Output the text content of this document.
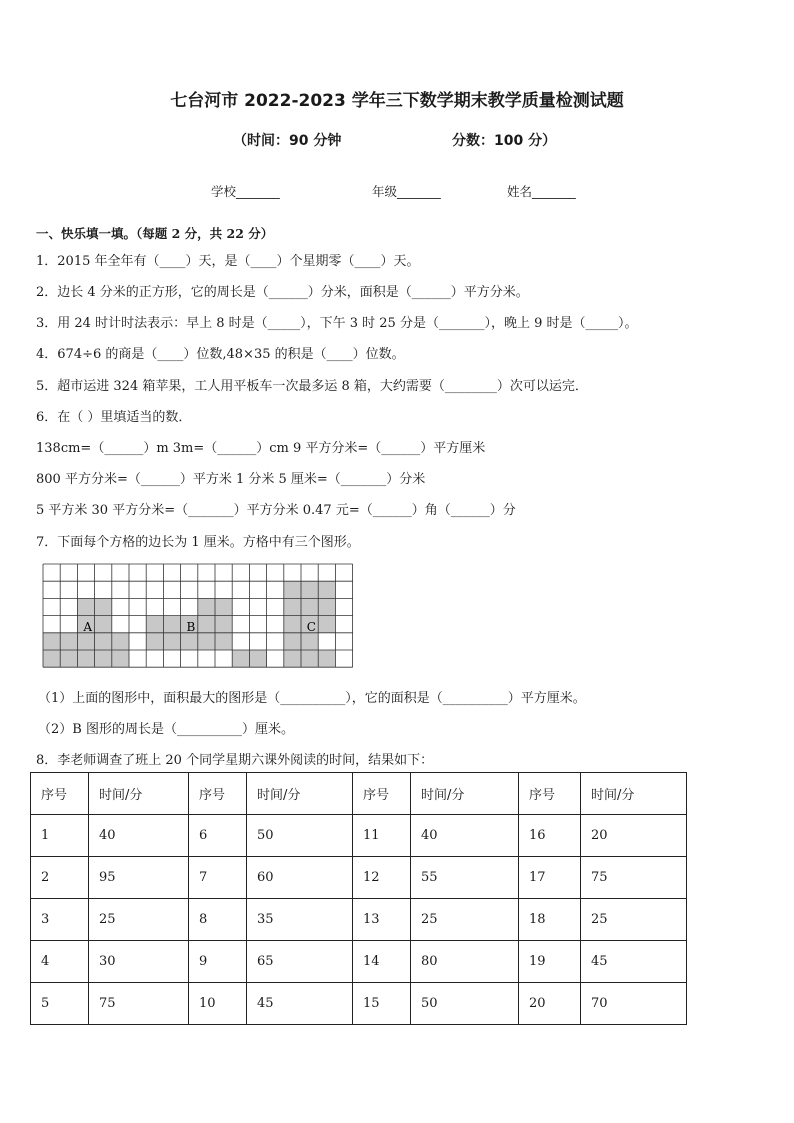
七台河市 2022-2023 学年三下数学期末教学质量检测试题
（时间：90 分钟	分数：100 分）
学校_______	年级_______	姓名_______
一、快乐填一填。（每题 2 分，共 22 分）
1．2015 年全年有（____）天，是（____）个星期零（____）天。
2．边长 4 分米的正方形，它的周长是（______）分米，面积是（______）平方分米。
3．用 24 时计时法表示：早上 8 时是（_____），下午 3 时 25 分是（_______），晚上 9 时是（_____）。
4．674÷6 的商是（____）位数,48×35 的积是（____）位数。
5．超市运进 324 箱苹果，工人用平板车一次最多运 8 箱，大约需要（________）次可以运完．
6．在（ ）里填适当的数．
138cm=（______）m 3m=（______）cm 9 平方分米=（______）平方厘米
800 平方分米=（______）平方米 1 分米 5 厘米=（_______）分米
5 平方米 30 平方分米=（_______）平方分米 0.47 元=（______）角（______）分
7．下面每个方格的边长为 1 厘米。方格中有三个图形。
A	B	C
（1）上面的图形中，面积最大的图形是（__________），它的面积是（__________）平方厘米。
（2）B 图形的周长是（__________）厘米。
8．李老师调查了班上 20 个同学星期六课外阅读的时间，结果如下：
序号	时间/分	序号	时间/分	序号	时间/分	序号	时间/分
1	40	6	50	11	40	16	20
2	95	7	60	12	55	17	75
3	25	8	35	13	25	18	25
4	30	9	65	14	80	19	45
5	75	10	45	15	50	20	70
